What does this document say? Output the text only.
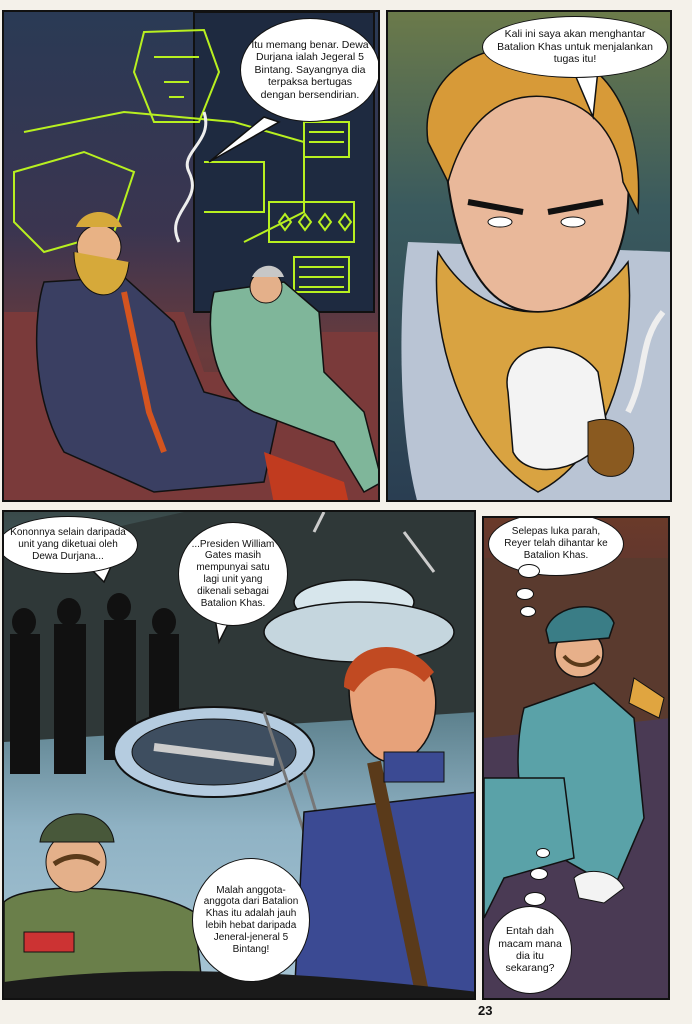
Itu memang benar. Dewa Durjana ialah Jegeral 5 Bintang. Sayangnya dia terpaksa bertugas dengan bersendirian.
Kali ini saya akan menghantar Batalion Khas untuk menjalankan tugas itu!
Kononnya selain daripada unit yang diketuai oleh Dewa Durjana...
...Presiden William Gates masih mempunyai satu lagi unit yang dikenali sebagai Batalion Khas.
Malah anggota-anggota dari Batalion Khas itu adalah jauh lebih hebat daripada Jeneral-jeneral 5 Bintang!
Selepas luka parah, Reyer telah dihantar ke Batalion Khas.
Entah dah macam mana dia itu sekarang?
23
